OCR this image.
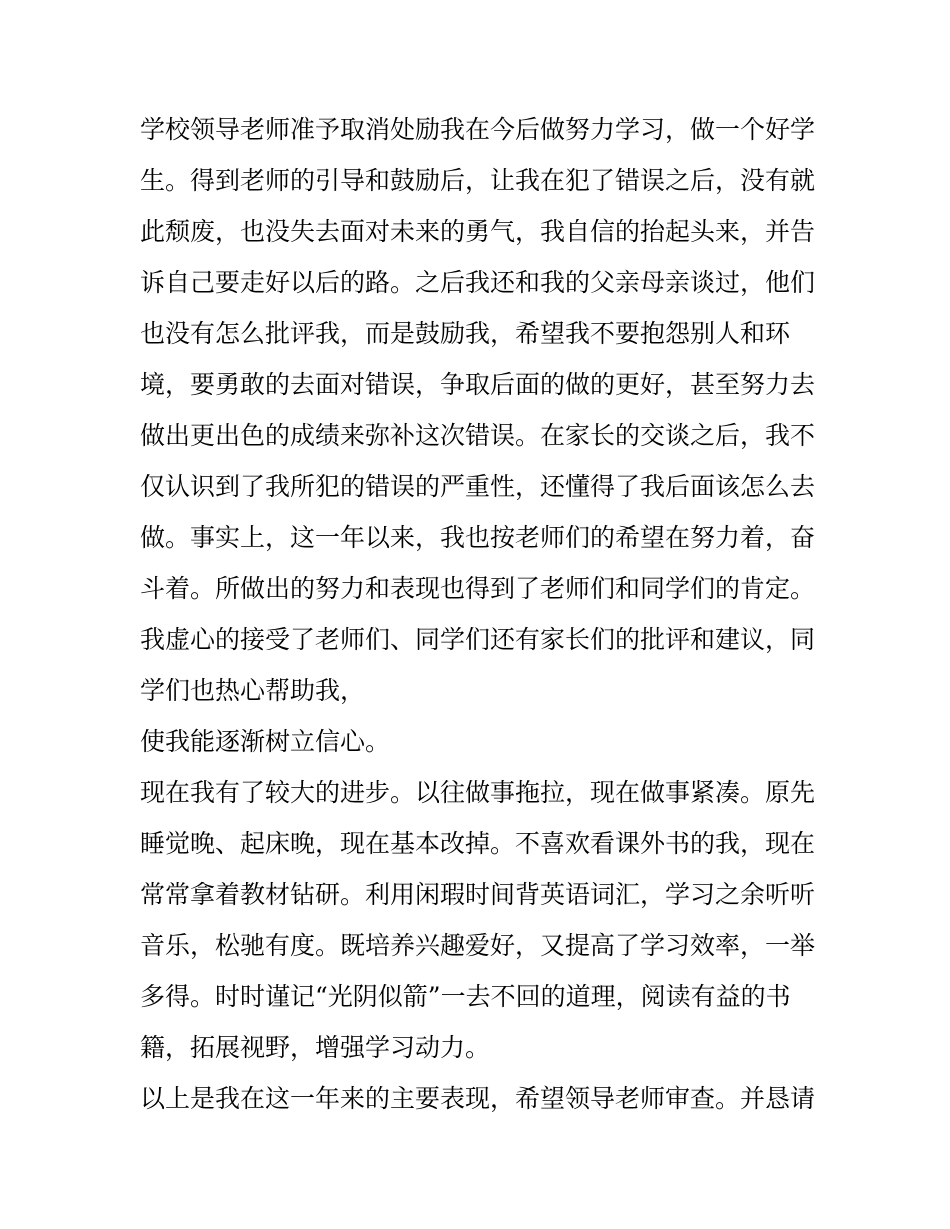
学校领导老师准予取消处励我在今后做努力学习，做一个好学
生。得到老师的引导和鼓励后，让我在犯了错误之后，没有就
此颓废，也没失去面对未来的勇气，我自信的抬起头来，并告
诉自己要走好以后的路。之后我还和我的父亲母亲谈过，他们
也没有怎么批评我，而是鼓励我，希望我不要抱怨别人和环
境，要勇敢的去面对错误，争取后面的做的更好，甚至努力去
做出更出色的成绩来弥补这次错误。在家长的交谈之后，我不
仅认识到了我所犯的错误的严重性，还懂得了我后面该怎么去
做。事实上，这一年以来，我也按老师们的希望在努力着，奋
斗着。所做出的努力和表现也得到了老师们和同学们的肯定。
我虚心的接受了老师们、同学们还有家长们的批评和建议，同
学们也热心帮助我，
使我能逐渐树立信心。
现在我有了较大的进步。以往做事拖拉，现在做事紧凑。原先
睡觉晚、起床晚，现在基本改掉。不喜欢看课外书的我，现在
常常拿着教材钻研。利用闲瑕时间背英语词汇，学习之余听听
音乐，松驰有度。既培养兴趣爱好，又提高了学习效率，一举
多得。时时谨记“光阴似箭”一去不回的道理，阅读有益的书
籍，拓展视野，增强学习动力。
以上是我在这一年来的主要表现，希望领导老师审查。并恳请
